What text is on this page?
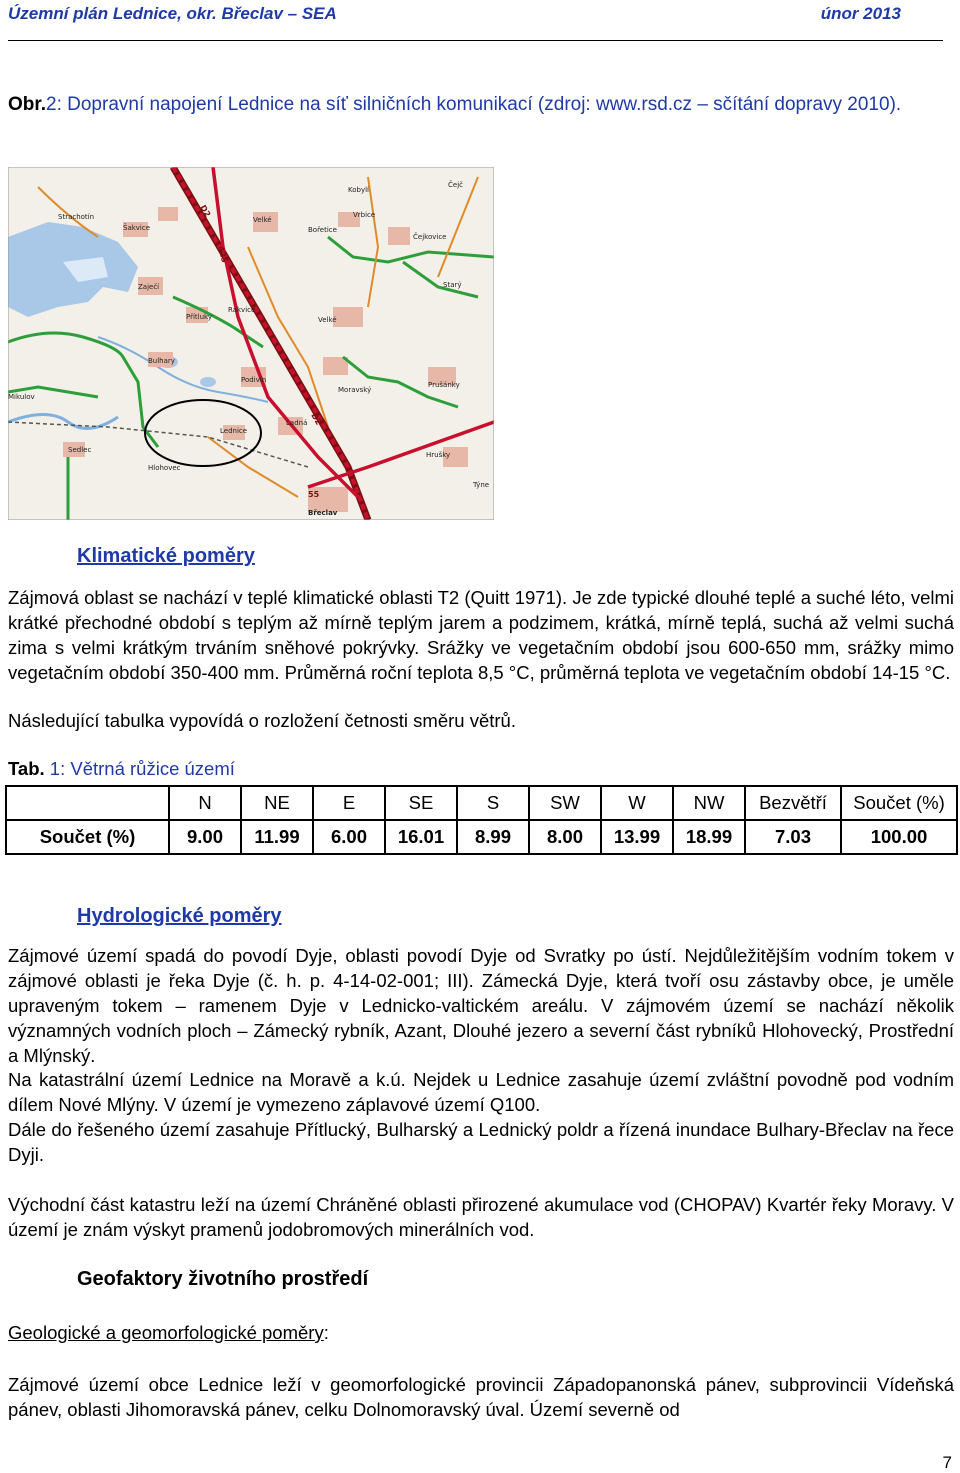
Územní plán Lednice, okr. Břeclav – SEA	únor 2013
Obr.2: Dopravní napojení Lednice na síť silničních komunikací (zdroj: www.rsd.cz – sčítání dopravy 2010).
Strachotín
Šakvice
Zaječí
Přítluky
Bulhary
Podivín
Lednice
Hlohovec
Sedlec
Mikulov
Velké
Bořetice
Kobylí
Vrbice
Čejkovice
Starý
Velké
Moravský
Prušánky
Hrušky
Ladná
Břeclav
Rakvice
Týne
Čejč
D2
425
D2
55
Klimatické poměry
Zájmová oblast se nachází v teplé klimatické oblasti T2 (Quitt 1971). Je zde typické dlouhé teplé a suché léto, velmi krátké přechodné období s teplým až mírně teplým jarem a podzimem, krátká, mírně teplá, suchá až velmi suchá zima s velmi krátkým trváním sněhové pokrývky. Srážky ve vegetačním období jsou 600-650 mm, srážky mimo vegetačním období 350-400 mm. Průměrná roční teplota 8,5 °C, průměrná teplota ve vegetačním období 14-15 °C.
Následující tabulka vypovídá o rozložení četnosti směru větrů.
Tab. 1: Větrná růžice území
	N	NE	E	SE	S	SW	W	NW	Bezvětří	Součet (%)
Součet (%)	9.00	11.99	6.00	16.01	8.99	8.00	13.99	18.99	7.03	100.00
Hydrologické poměry
Zájmové území spadá do povodí Dyje, oblasti povodí Dyje od Svratky po ústí. Nejdůležitějším vodním tokem v zájmové oblasti je řeka Dyje (č. h. p. 4-14-02-001; III). Zámecká Dyje, která tvoří osu zástavby obce, je uměle upraveným tokem – ramenem Dyje v Lednicko-valtickém areálu. V zájmovém území se nachází několik významných vodních ploch – Zámecký rybník, Azant, Dlouhé jezero a severní část rybníků Hlohovecký, Prostřední a Mlýnský.
Na katastrální území Lednice na Moravě a k.ú. Nejdek u Lednice zasahuje území zvláštní povodně pod vodním dílem Nové Mlýny. V území je vymezeno záplavové území Q100.
Dále do řešeného území zasahuje Přítlucký, Bulharský a Lednický poldr a řízená inundace Bulhary-Břeclav na řece Dyji.
Východní část katastru leží na území Chráněné oblasti přirozené akumulace vod (CHOPAV) Kvartér řeky Moravy. V území je znám výskyt pramenů jodobromových minerálních vod.
Geofaktory životního prostředí
Geologické a geomorfologické poměry:
Zájmové území obce Lednice leží v geomorfologické provincii Západopanonská pánev, subprovincii Vídeňská pánev, oblasti Jihomoravská pánev, celku Dolnomoravský úval. Území severně od
7
